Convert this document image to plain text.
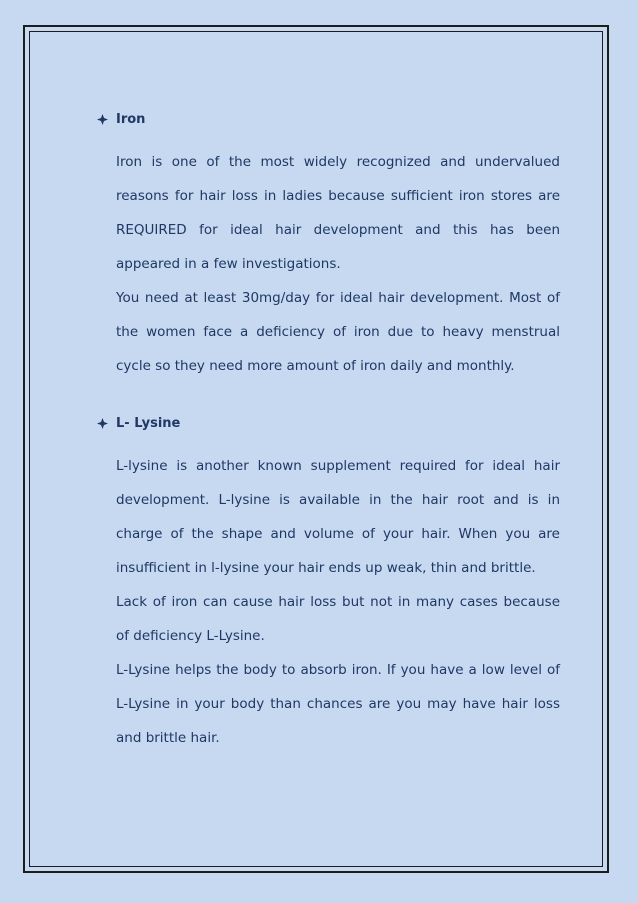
Iron

Iron is one of the most widely recognized and undervalued reasons for hair loss in ladies because sufficient iron stores are REQUIRED for ideal hair development and this has been appeared in a few investigations.

You need at least 30mg/day for ideal hair development. Most of the women face a deficiency of iron due to heavy menstrual cycle so they need more amount of iron daily and monthly.

L- Lysine

L-lysine is another known supplement required for ideal hair development. L-lysine is available in the hair root and is in charge of the shape and volume of your hair. When you are insufficient in l-lysine your hair ends up weak, thin and brittle.

Lack of iron can cause hair loss but not in many cases because of deficiency L-Lysine.

L-Lysine helps the body to absorb iron. If you have a low level of L-Lysine in your body than chances are you may have hair loss and brittle hair.
